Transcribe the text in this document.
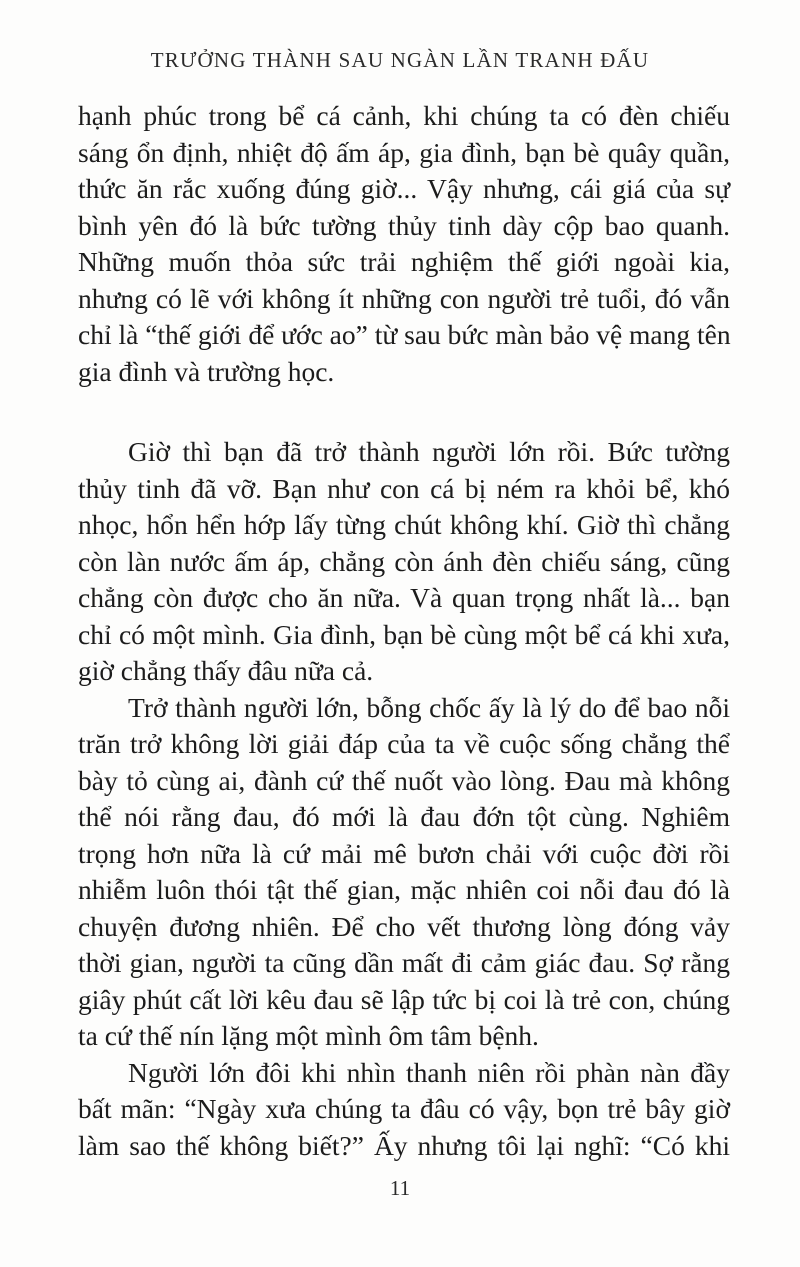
TRƯỞNG THÀNH SAU NGÀN LẦN TRANH ĐẤU
hạnh phúc trong bể cá cảnh, khi chúng ta có đèn chiếu
sáng ổn định, nhiệt độ ấm áp, gia đình, bạn bè quây quần,
thức ăn rắc xuống đúng giờ... Vậy nhưng, cái giá của sự
bình yên đó là bức tường thủy tinh dày cộp bao quanh.
Những muốn thỏa sức trải nghiệm thế giới ngoài kia,
nhưng có lẽ với không ít những con người trẻ tuổi, đó vẫn
chỉ là “thế giới để ước ao” từ sau bức màn bảo vệ mang tên
gia đình và trường học.
Giờ thì bạn đã trở thành người lớn rồi. Bức tường
thủy tinh đã vỡ. Bạn như con cá bị ném ra khỏi bể, khó
nhọc, hổn hển hớp lấy từng chút không khí. Giờ thì chẳng
còn làn nước ấm áp, chẳng còn ánh đèn chiếu sáng, cũng
chẳng còn được cho ăn nữa. Và quan trọng nhất là... bạn
chỉ có một mình. Gia đình, bạn bè cùng một bể cá khi xưa,
giờ chẳng thấy đâu nữa cả.
Trở thành người lớn, bỗng chốc ấy là lý do để bao nỗi
trăn trở không lời giải đáp của ta về cuộc sống chẳng thể
bày tỏ cùng ai, đành cứ thế nuốt vào lòng. Đau mà không
thể nói rằng đau, đó mới là đau đớn tột cùng. Nghiêm
trọng hơn nữa là cứ mải mê bươn chải với cuộc đời rồi
nhiễm luôn thói tật thế gian, mặc nhiên coi nỗi đau đó là
chuyện đương nhiên. Để cho vết thương lòng đóng vảy
thời gian, người ta cũng dần mất đi cảm giác đau. Sợ rằng
giây phút cất lời kêu đau sẽ lập tức bị coi là trẻ con, chúng
ta cứ thế nín lặng một mình ôm tâm bệnh.
Người lớn đôi khi nhìn thanh niên rồi phàn nàn đầy
bất mãn: “Ngày xưa chúng ta đâu có vậy, bọn trẻ bây giờ
làm sao thế không biết?” Ấy nhưng tôi lại nghĩ: “Có khi
11
